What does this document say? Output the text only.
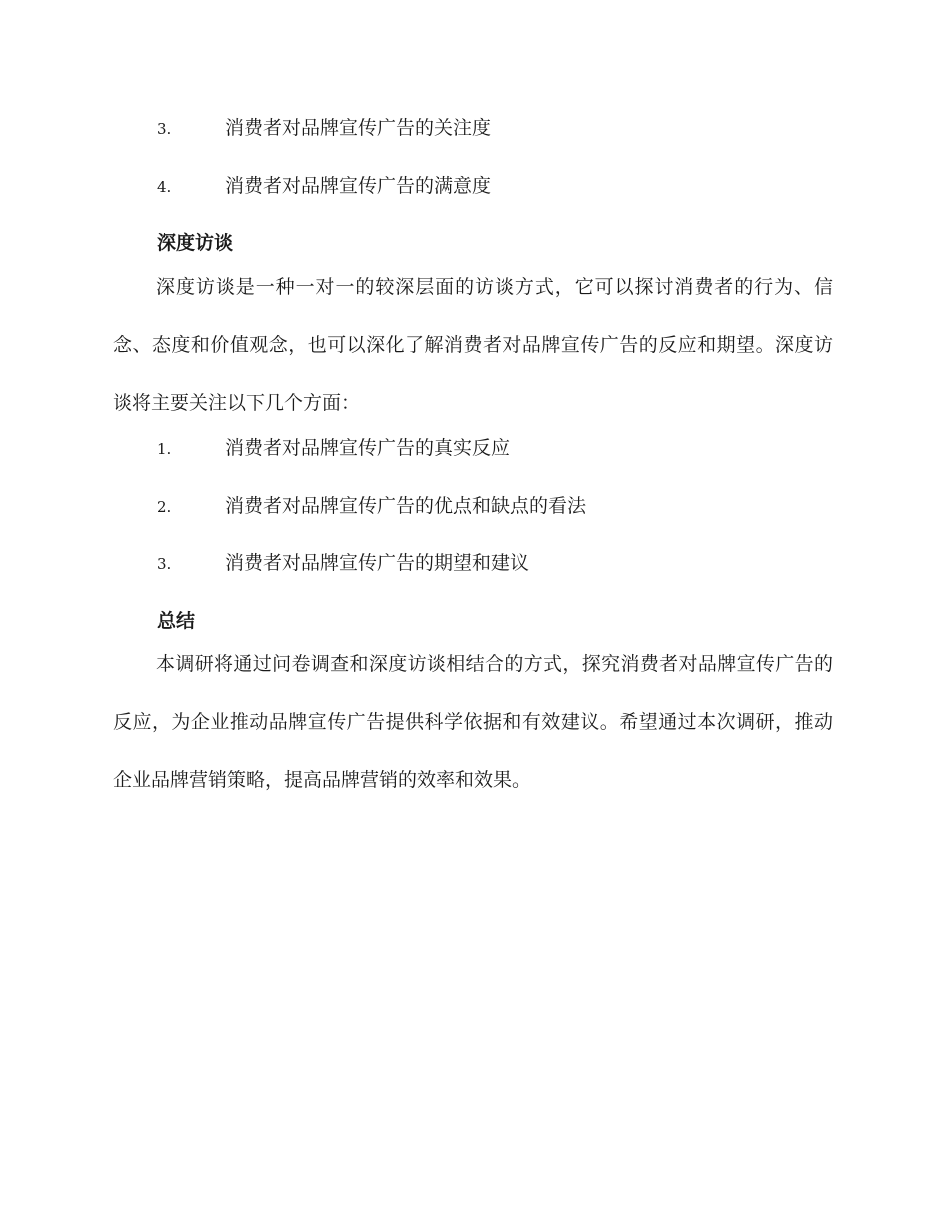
3.	消费者对品牌宣传广告的关注度
4.	消费者对品牌宣传广告的满意度
深度访谈

深度访谈是一种一对一的较深层面的访谈方式，它可以探讨消费者的行为、信念、态度和价值观念，也可以深化了解消费者对品牌宣传广告的反应和期望。深度访谈将主要关注以下几个方面：

1.	消费者对品牌宣传广告的真实反应
2.	消费者对品牌宣传广告的优点和缺点的看法
3.	消费者对品牌宣传广告的期望和建议
总结

本调研将通过问卷调查和深度访谈相结合的方式，探究消费者对品牌宣传广告的反应，为企业推动品牌宣传广告提供科学依据和有效建议。希望通过本次调研，推动企业品牌营销策略，提高品牌营销的效率和效果。
